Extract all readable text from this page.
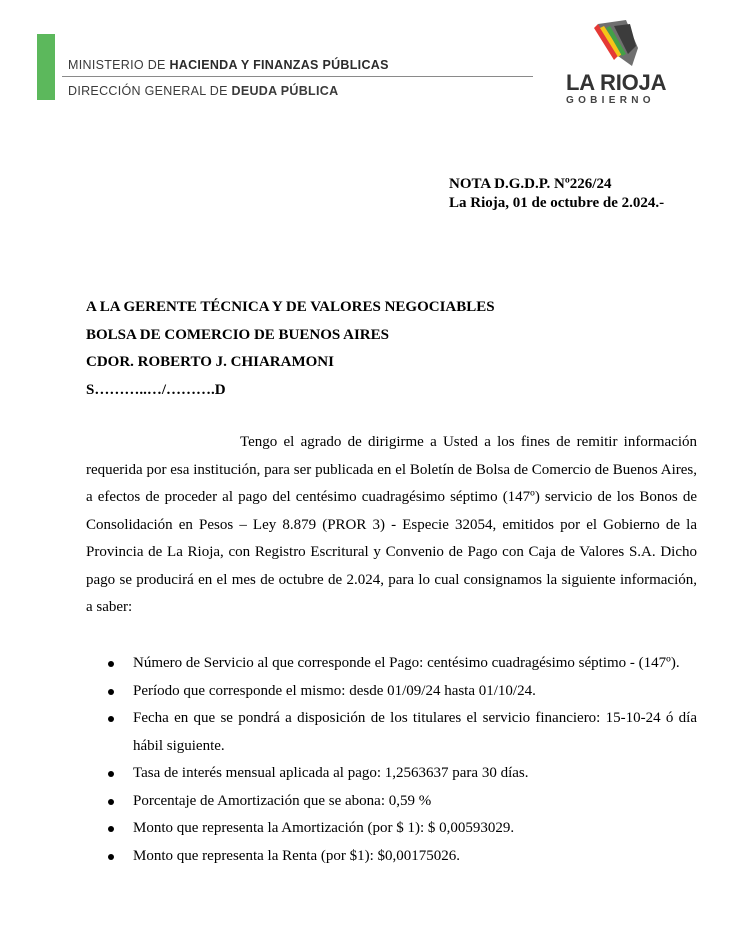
MINISTERIO DE HACIENDA Y FINANZAS PÚBLICAS
DIRECCIÓN GENERAL DE DEUDA PÚBLICA	LA RIOJA
GOBIERNO
NOTA D.G.D.P. Nº226/24
La Rioja, 01 de octubre de 2.024.-
A LA GERENTE TÉCNICA Y DE VALORES NEGOCIABLES
BOLSA DE COMERCIO DE BUENOS AIRES
CDOR. ROBERTO J. CHIARAMONI
S………..…/……….D
Tengo el agrado de dirigirme a Usted a los fines de remitir información requerida por esa institución, para ser publicada en el Boletín de Bolsa de Comercio de Buenos Aires, a efectos de proceder al pago del centésimo cuadragésimo séptimo (147º) servicio de los Bonos de Consolidación en Pesos – Ley 8.879 (PROR 3) - Especie 32054, emitidos por el Gobierno de la Provincia de La Rioja, con Registro Escritural y Convenio de Pago con Caja de Valores S.A. Dicho pago se producirá en el mes de octubre de 2.024, para lo cual consignamos la siguiente información, a saber:
Número de Servicio al que corresponde el Pago: centésimo cuadragésimo séptimo - (147º).
Período que corresponde el mismo: desde 01/09/24 hasta 01/10/24.
Fecha en que se pondrá a disposición de los titulares el servicio financiero: 15-10-24 ó día hábil siguiente.
Tasa de interés mensual aplicada al pago: 1,2563637 para 30 días.
Porcentaje de Amortización que se abona: 0,59 %
Monto que representa la Amortización (por $ 1): $ 0,00593029.
Monto que representa la Renta (por $1): $0,00175026.
